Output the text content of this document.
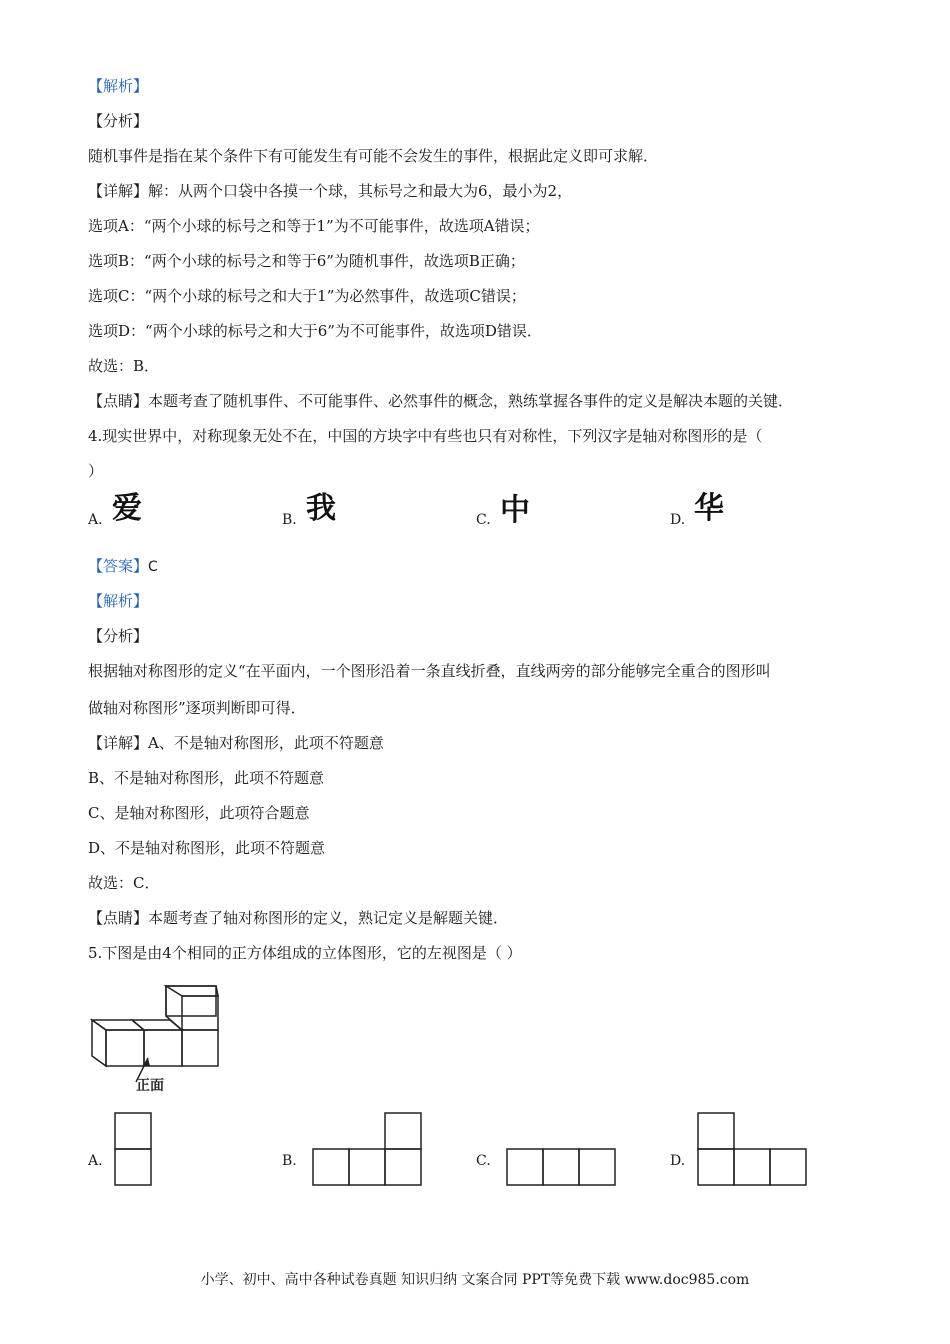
【解析】
【分析】
随机事件是指在某个条件下有可能发生有可能不会发生的事件，根据此定义即可求解．
【详解】解：从两个口袋中各摸一个球，其标号之和最大为6，最小为2，
选项A：“两个小球的标号之和等于1”为不可能事件，故选项A错误；
选项B：“两个小球的标号之和等于6”为随机事件，故选项B正确；
选项C：“两个小球的标号之和大于1”为必然事件，故选项C错误；
选项D：“两个小球的标号之和大于6”为不可能事件，故选项D错误．
故选：B．
【点睛】本题考查了随机事件、不可能事件、必然事件的概念，熟练掌握各事件的定义是解决本题的关键．
4.现实世界中，对称现象无处不在，中国的方块字中有些也只有对称性，下列汉字是轴对称图形的是（
）
A. 爱	B. 我	C. 中	D. 华
【答案】C
【解析】
【分析】
根据轴对称图形的定义“在平面内，一个图形沿着一条直线折叠，直线两旁的部分能够完全重合的图形叫
做轴对称图形”逐项判断即可得．
【详解】A、不是轴对称图形，此项不符题意
B、不是轴对称图形，此项不符题意
C、是轴对称图形，此项符合题意
D、不是轴对称图形，此项不符题意
故选：C．
【点睛】本题考查了轴对称图形的定义，熟记定义是解题关键．
5.下图是由4个相同的正方体组成的立体图形，它的左视图是（ ）
正面
A.	B.	C.	D.
小学、初中、高中各种试卷真题 知识归纳 文案合同 PPT等免费下载 www.doc985.com
